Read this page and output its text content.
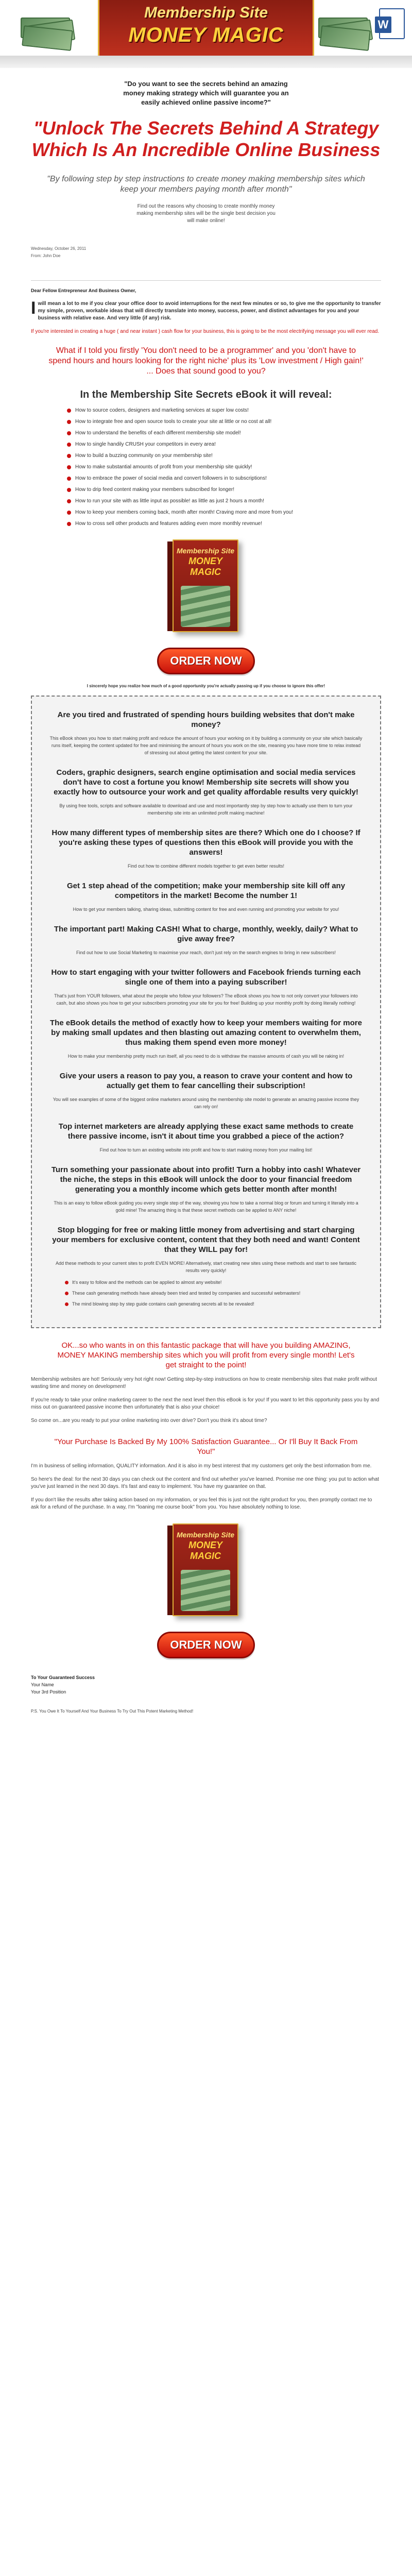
Membership Site
MONEY MAGIC	W

"Do you want to see the secrets behind an amazing money making strategy which will guarantee you an easily achieved online passive income?"

"Unlock The Secrets Behind A Strategy Which Is An Incredible Online Business

"By following step by step instructions to create money making membership sites which keep your members paying month after month"

Find out the reasons why choosing to create monthly money making membership sites will be the single best decision you will make online!

Wednesday, October 26, 2011
From: John Doe

Dear Fellow Entrepreneur And Business Owner,

I will mean a lot to me if you clear your office door to avoid interruptions for the next few minutes or so, to give me the opportunity to transfer my simple, proven, workable ideas that will directly translate into money, success, power, and distinct advantages for you and your business with relative ease. And very little (if any) risk.

If you're interested in creating a huge ( and near instant ) cash flow for your business, this is going to be the most electrifying message you will ever read.

What if I told you firstly 'You don't need to be a programmer' and you 'don't have to spend hours and hours looking for the right niche' plus its 'Low investment / High gain!' ... Does that sound good to you?

In the Membership Site Secrets eBook it will reveal:
How to source coders, designers and marketing services at super low costs!
How to integrate free and open source tools to create your site at little or no cost at all!
How to understand the benefits of each different membership site model!
How to single handily CRUSH your competitors in every area!
How to build a buzzing community on your membership site!
How to make substantial amounts of profit from your membership site quickly!
How to embrace the power of social media and convert followers in to subscriptions!
How to drip feed content making your members subscribed for longer!
How to run your site with as little input as possible! as little as just 2 hours a month!
How to keep your members coming back, month after month! Craving more and more from you!
How to cross sell other products and features adding even more monthly revenue!
Membership Site
MONEY MAGIC
ORDER NOW

I sincerely hope you realize how much of a good opportunity you're actually passing up if you choose to ignore this offer!

Are you tired and frustrated of spending hours building websites that don't make money?

This eBook shows you how to start making profit and reduce the amount of hours your working on it by building a community on your site which basically runs itself, keeping the content updated for free and minimising the amount of hours you work on the site, meaning you have more time to relax instead of stressing out about getting the latest content for your site.

Coders, graphic designers, search engine optimisation and social media services don't have to cost a fortune you know! Membership site secrets will show you exactly how to outsource your work and get quality affordable results very quickly!

By using free tools, scripts and software available to download and use and most importantly step by step how to actually use them to turn your membership site into an unlimited profit making machine!

How many different types of membership sites are there? Which one do I choose? If you're asking these types of questions then this eBook will provide you with the answers!

Find out how to combine different models together to get even better results!

Get 1 step ahead of the competition; make your membership site kill off any competitors in the market! Become the number 1!

How to get your members talking, sharing ideas, submitting content for free and even running and promoting your website for you!

The important part! Making CASH! What to charge, monthly, weekly, daily? What to give away free?

Find out how to use Social Marketing to maximise your reach, don't just rely on the search engines to bring in new subscribers!

How to start engaging with your twitter followers and Facebook friends turning each single one of them into a paying subscriber!

That's just from YOUR followers, what about the people who follow your followers? The eBook shows you how to not only convert your followers into cash, but also shows you how to get your subscribers promoting your site for you for free! Building up your monthly profit by doing literally nothing!

The eBook details the method of exactly how to keep your members waiting for more by making small updates and then blasting out amazing content to overwhelm them, thus making them spend even more money!

How to make your membership pretty much run itself, all you need to do is withdraw the massive amounts of cash you will be raking in!

Give your users a reason to pay you, a reason to crave your content and how to actually get them to fear cancelling their subscription!

You will see examples of some of the biggest online marketers around using the membership site model to generate an amazing passive income they can rely on!

Top internet marketers are already applying these exact same methods to create there passive income, isn't it about time you grabbed a piece of the action?

Find out how to turn an existing website into profit and how to start making money from your mailing list!

Turn something your passionate about into profit! Turn a hobby into cash! Whatever the niche, the steps in this eBook will unlock the door to your financial freedom generating you a monthly income which gets better month after month!

This is an easy to follow eBook guiding you every single step of the way, showing you how to take a normal blog or forum and turning it literally into a gold mine! The amazing thing is that these secret methods can be applied to ANY niche!

Stop blogging for free or making little money from advertising and start charging your members for exclusive content, content that they both need and want! Content that they WILL pay for!

Add these methods to your current sites to profit EVEN MORE! Alternatively, start creating new sites using these methods and start to see fantastic results very quickly!

It's easy to follow and the methods can be applied to almost any website!
These cash generating methods have already been tried and tested by companies and successful webmasters!
The mind blowing step by step guide contains cash generating secrets all to be revealed!

OK...so who wants in on this fantastic package that will have you building AMAZING, MONEY MAKING membership sites which you will profit from every single month! Let's get straight to the point!

Membership websites are hot! Seriously very hot right now! Getting step-by-step instructions on how to create membership sites that make profit without wasting time and money on development!

If you're ready to take your online marketing career to the next the next level then this eBook is for you! If you want to let this opportunity pass you by and miss out on guaranteed passive income then unfortunately that is also your choice!

So come on...are you ready to put your online marketing into over drive? Don't you think it's about time?

"Your Purchase Is Backed By My 100% Satisfaction Guarantee... Or I'll Buy It Back From You!"

I'm in business of selling information, QUALITY information. And it is also in my best interest that my customers get only the best information from me.

So here's the deal: for the next 30 days you can check out the content and find out whether you've learned. Promise me one thing: you put to action what you've just learned in the next 30 days. It's fast and easy to implement. You have my guarantee on that.

If you don't like the results after taking action based on my information, or you feel this is just not the right product for you, then promptly contact me to ask for a refund of the purchase. In a way, I'm "loaning me course book" from you. You have absolutely nothing to lose.

Membership Site
MONEY MAGIC
ORDER NOW
To Your Guaranteed Success
Your Name
Your 3rd Position

P.S. You Owe It To Yourself And Your Business To Try Out This Potent Marketing Method!
